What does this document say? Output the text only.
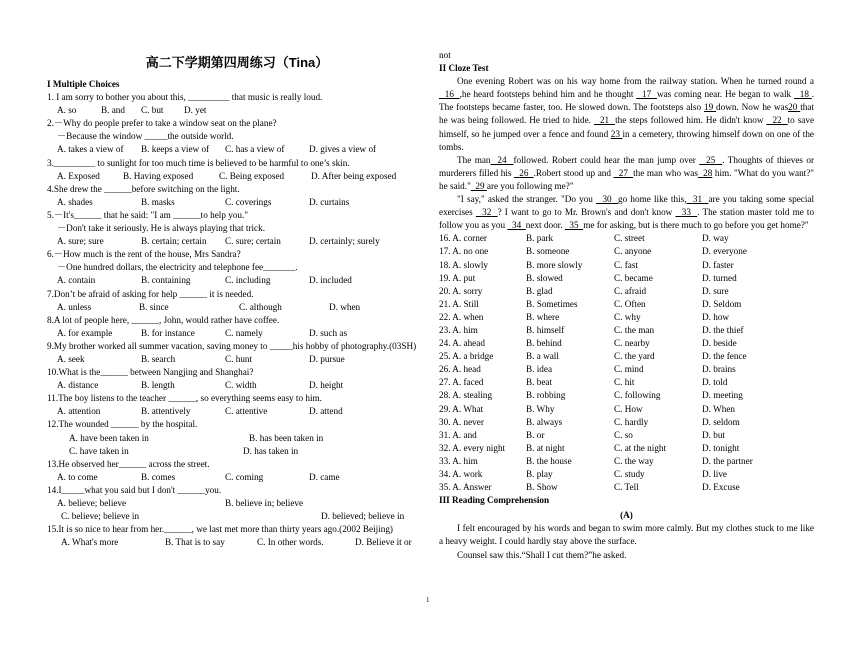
高二下学期第四周练习（Tina）
I Multiple Choices
1. I am sorry to bother you about this, _________ that music is really loud.
A. so	B. and	C. but	D. yet
2.－Why do people prefer to take a window seat on the plane?
－Because the window _____the outside world.
A. takes a view of	B. keeps a view of	C. has a view of	D. gives a view of
3._________ to sunlight for too much time is believed to be harmful to one’s skin.
A. Exposed	B. Having exposed	C. Being exposed	D. After being exposed
4.She drew the ______before switching on the light.
A. shades	B. masks	C. coverings	D. curtains
5.－It's______ that he said: "I am ______to help you."
－Don't take it seriously. He is always playing that trick.
A. sure; sure	B. certain; certain	C. sure; certain	D. certainly; surely
6.－How much is the rent of the house, Mrs Sandra?
－One hundred dollars, the electricity and telephone fee_______.
A. contain	B. containing	C. including	D. included
7.Don’t be afraid of asking for help ______ it is needed.
A. unless	B. since	C. although	D. when
8.A lot of people here, ______, John, would rather have coffee.
A. for example	B. for instance	C. namely	D. such as
9.My brother worked all summer vacation, saving money to _____his hobby of photography.(03SH)
A. seek	B. search	C. hunt	D. pursue
10.What is the______ between Nangjing and Shanghai?
A. distance	B. length	C. width	D. height
11.The boy listens to the teacher ______, so everything seems easy to him.
A. attention	B. attentively	C. attentive	D. attend
12.The wounded ______ by the hospital.
A. have been taken in	B. has been taken in
C. have taken in	D. has taken in
13.He observed her______ across the street.
A. to come	B. comes	C. coming	D. came
14.I_____what you said but I don't ______you.
A. believe; believe	B. believe in; believe
C. believe; believe in	D. believed; believe in
15.It is so nice to hear from her.______, we last met more than thirty years ago.(2002 Beijing)
A. What's more	B. That is to say	C. In other words.	D. Believe it or
not
II Cloze Test
One evening Robert was on his way home from the railway station. When he turned round a   16 ,he heard footsteps behind him and he thought 17 was coming near. He began to walk 18 . The footsteps became faster, too. He slowed down. The footsteps also 19 down. Now he was20 that he was being followed. He tried to hide. 21 the steps followed him. He didn't know 22 to save himself, so he jumped over a fence and found 23 in a cemetery, throwing himself down on one of the tombs.
The man 24 followed. Robert could hear the man jump over 25 . Thoughts of thieves or murderers filled his 26 .Robert stood up and 27 the man who was 28 him. "What do you want?" he said." 29 are you following me?"
"I say," asked the stranger. "Do you 30 go home like this, 31 are you taking some special exercises 32 ? I want to go to Mr. Brown's and don't know 33 . The station master told me to follow you as you 34 next door. 35 me for asking, but is there much to go before you get home?"
16. A. corner	B. park	C. street	D. way
17. A. no one	B. someone	C. anyone	D. everyone
18. A. slowly	B. more slowly	C. fast	D. faster
19. A. put	B. slowed	C. became	D. turned
20. A. sorry	B. glad	C. afraid	D. sure
21. A. Still	B. Sometimes	C. Often	D. Seldom
22. A. when	B. where	C. why	D. how
23. A. him	B. himself	C. the man	D. the thief
24. A. ahead	B. behind	C. nearby	D. beside
25. A. a bridge	B. a wall	C. the yard	D. the fence
26. A. head	B. idea	C. mind	D. brains
27. A. faced	B. beat	C. hit	D. told
28. A. stealing	B. robbing	C. following	D. meeting
29. A. What	B. Why	C. How	D. When
30. A. never	B. always	C. hardly	D. seldom
31. A. and	B. or	C. so	D. but
32. A. every night	B. at night	C. at the night	D. tonight
33. A. him	B. the house	C. the way	D. the partner
34. A. work	B. play	C. study	D. live
35. A. Answer	B. Show	C. Tell	D. Excuse
III Reading Comprehension
(A)
I felt encouraged by his words and began to swim more calmly. But my clothes stuck to me like a heavy weight. I could hardly stay above the surface.
Counsel saw this.“Shall I cut them?”he asked.
1
